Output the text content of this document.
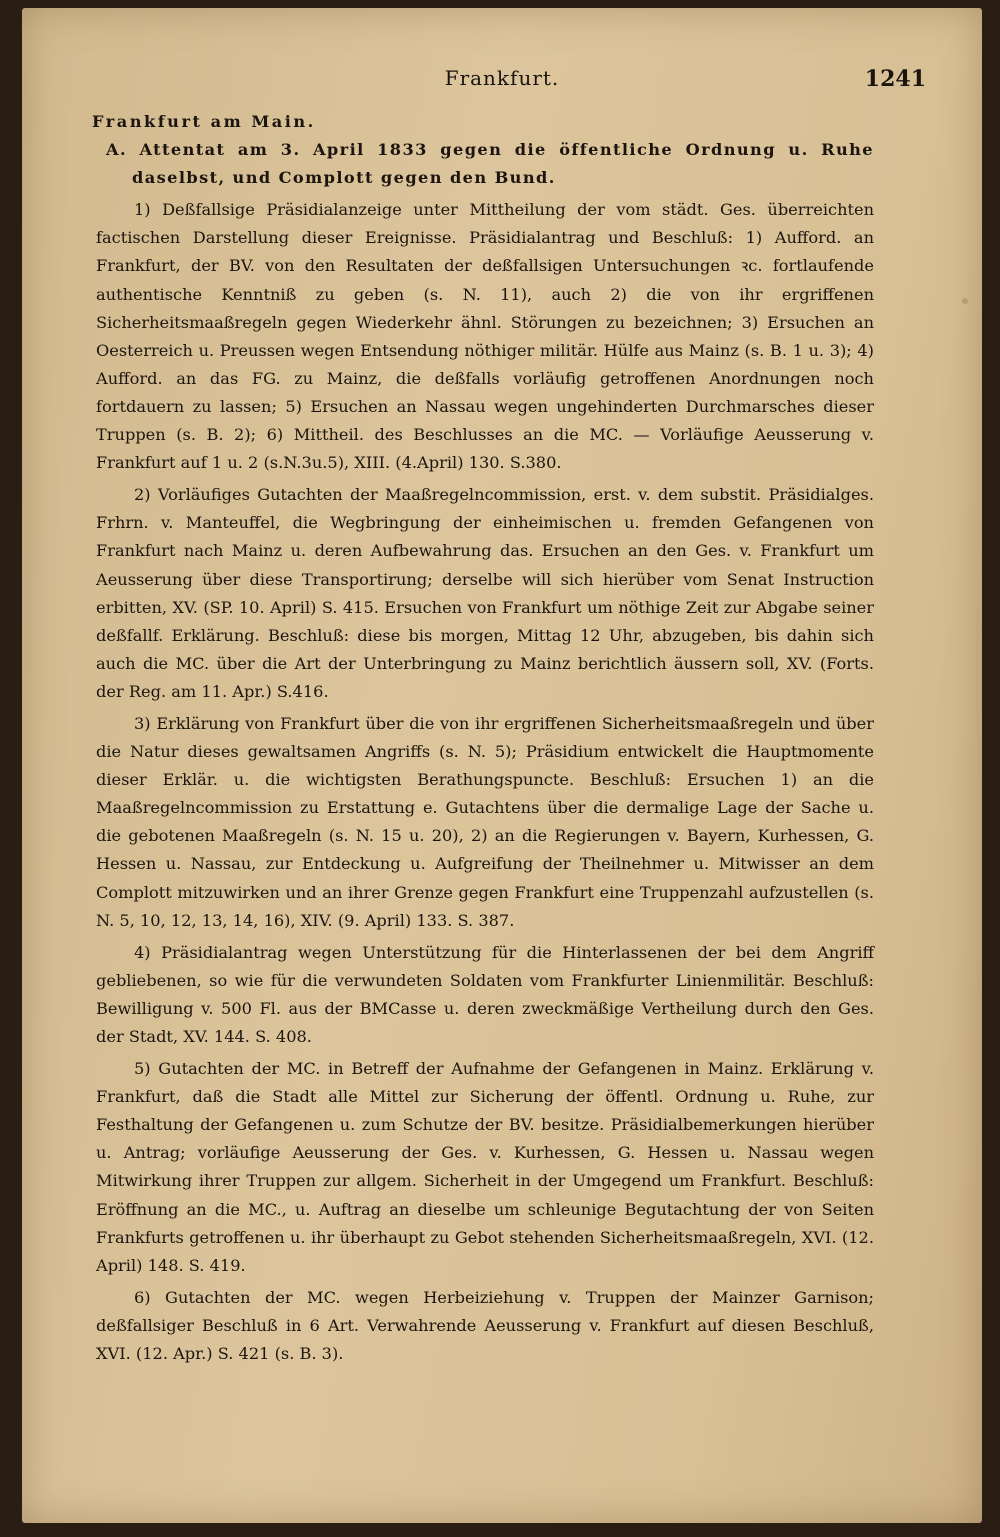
Frankfurt.	1241

Frankfurt am Main.

A. Attentat am 3. April 1833 gegen die öffentliche Ordnung u. Ruhe daselbst, und Complott gegen den Bund.

1) Deßfallsige Präsidialanzeige unter Mittheilung der vom städt. Ges. überreichten factischen Darstellung dieser Ereignisse. Präsidialantrag und Beschluß: 1) Aufford. an Frankfurt, der BV. von den Resultaten der deßfallsigen Untersuchungen ꝛc. fortlaufende authentische Kenntniß zu geben (s. N. 11), auch 2) die von ihr ergriffenen Sicherheitsmaaßregeln gegen Wiederkehr ähnl. Störungen zu bezeichnen; 3) Ersuchen an Oesterreich u. Preussen wegen Entsendung nöthiger militär. Hülfe aus Mainz (s. B. 1 u. 3); 4) Aufford. an das FG. zu Mainz, die deßfalls vorläufig getroffenen Anordnungen noch fortdauern zu lassen; 5) Ersuchen an Nassau wegen ungehinderten Durchmarsches dieser Truppen (s. B. 2); 6) Mittheil. des Beschlusses an die MC. — Vorläufige Aeusserung v. Frankfurt auf 1 u. 2 (s.N.3u.5), XIII. (4.April) 130. S.380.

2) Vorläufiges Gutachten der Maaßregelncommission, erst. v. dem substit. Präsidialges. Frhrn. v. Manteuffel, die Wegbringung der einheimischen u. fremden Gefangenen von Frankfurt nach Mainz u. deren Aufbewahrung das. Ersuchen an den Ges. v. Frankfurt um Aeusserung über diese Transportirung; derselbe will sich hierüber vom Senat Instruction erbitten, XV. (SP. 10. April) S. 415. Ersuchen von Frankfurt um nöthige Zeit zur Abgabe seiner deßfallf. Erklärung. Beschluß: diese bis morgen, Mittag 12 Uhr, abzugeben, bis dahin sich auch die MC. über die Art der Unterbringung zu Mainz berichtlich äussern soll, XV. (Forts. der Reg. am 11. Apr.) S.416.

3) Erklärung von Frankfurt über die von ihr ergriffenen Sicherheitsmaaßregeln und über die Natur dieses gewaltsamen Angriffs (s. N. 5); Präsidium entwickelt die Hauptmomente dieser Erklär. u. die wichtigsten Berathungspuncte. Beschluß: Ersuchen 1) an die Maaßregelncommission zu Erstattung e. Gutachtens über die dermalige Lage der Sache u. die gebotenen Maaßregeln (s. N. 15 u. 20), 2) an die Regierungen v. Bayern, Kurhessen, G. Hessen u. Nassau, zur Entdeckung u. Aufgreifung der Theilnehmer u. Mitwisser an dem Complott mitzuwirken und an ihrer Grenze gegen Frankfurt eine Truppenzahl aufzustellen (s. N. 5, 10, 12, 13, 14, 16), XIV. (9. April) 133. S. 387.

4) Präsidialantrag wegen Unterstützung für die Hinterlassenen der bei dem Angriff gebliebenen, so wie für die verwundeten Soldaten vom Frankfurter Linienmilitär. Beschluß: Bewilligung v. 500 Fl. aus der BMCasse u. deren zweckmäßige Vertheilung durch den Ges. der Stadt, XV. 144. S. 408.

5) Gutachten der MC. in Betreff der Aufnahme der Gefangenen in Mainz. Erklärung v. Frankfurt, daß die Stadt alle Mittel zur Sicherung der öffentl. Ordnung u. Ruhe, zur Festhaltung der Gefangenen u. zum Schutze der BV. besitze. Präsidialbemerkungen hierüber u. Antrag; vorläufige Aeusserung der Ges. v. Kurhessen, G. Hessen u. Nassau wegen Mitwirkung ihrer Truppen zur allgem. Sicherheit in der Umgegend um Frankfurt. Beschluß: Eröffnung an die MC., u. Auftrag an dieselbe um schleunige Begutachtung der von Seiten Frankfurts getroffenen u. ihr überhaupt zu Gebot stehenden Sicherheitsmaaßregeln, XVI. (12. April) 148. S. 419.

6) Gutachten der MC. wegen Herbeiziehung v. Truppen der Mainzer Garnison; deßfallsiger Beschluß in 6 Art. Verwahrende Aeusserung v. Frankfurt auf diesen Beschluß, XVI. (12. Apr.) S. 421 (s. B. 3).
